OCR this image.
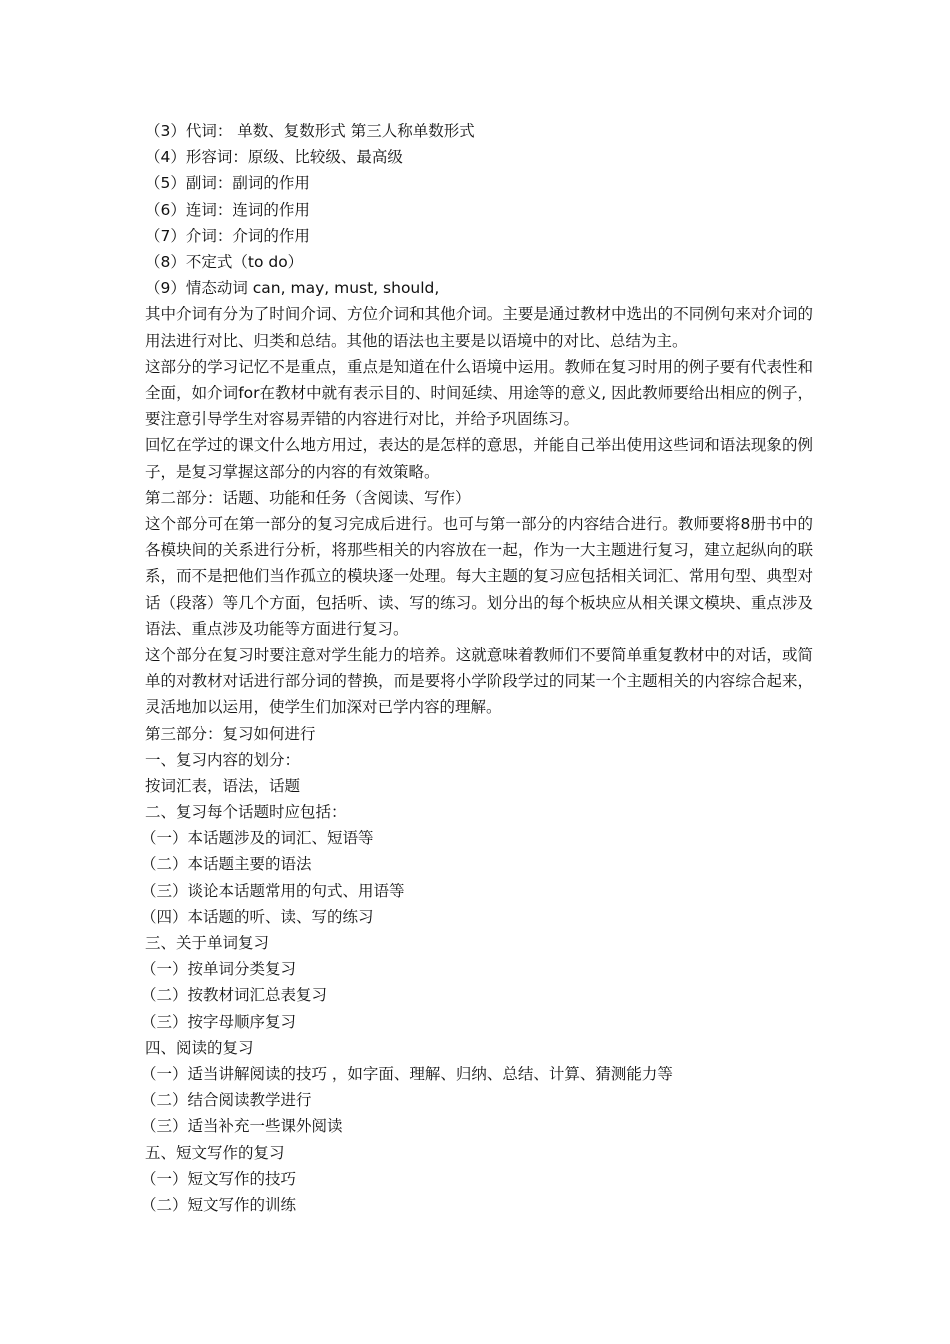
（3）代词： 单数、复数形式 第三人称单数形式
（4）形容词：原级、比较级、最高级
（5）副词：副词的作用
（6）连词：连词的作用
（7）介词：介词的作用
（8）不定式（to do）
（9）情态动词 can, may, must, should,
其中介词有分为了时间介词、方位介词和其他介词。主要是通过教材中选出的不同例句来对介词的用法进行对比、归类和总结。其他的语法也主要是以语境中的对比、总结为主。
这部分的学习记忆不是重点，重点是知道在什么语境中运用。教师在复习时用的例子要有代表性和全面，如介词for在教材中就有表示目的、时间延续、用途等的意义, 因此教师要给出相应的例子，要注意引导学生对容易弄错的内容进行对比，并给予巩固练习。
回忆在学过的课文什么地方用过，表达的是怎样的意思，并能自己举出使用这些词和语法现象的例子，是复习掌握这部分的内容的有效策略。
第二部分：话题、功能和任务（含阅读、写作）
这个部分可在第一部分的复习完成后进行。也可与第一部分的内容结合进行。教师要将8册书中的各模块间的关系进行分析，将那些相关的内容放在一起，作为一大主题进行复习，建立起纵向的联系，而不是把他们当作孤立的模块逐一处理。每大主题的复习应包括相关词汇、常用句型、典型对话（段落）等几个方面，包括听、读、写的练习。划分出的每个板块应从相关课文模块、重点涉及语法、重点涉及功能等方面进行复习。
这个部分在复习时要注意对学生能力的培养。这就意味着教师们不要简单重复教材中的对话，或简单的对教材对话进行部分词的替换，而是要将小学阶段学过的同某一个主题相关的内容综合起来，灵活地加以运用，使学生们加深对已学内容的理解。
第三部分：复习如何进行
一、复习内容的划分：
按词汇表，语法，话题
二、复习每个话题时应包括：
（一）本话题涉及的词汇、短语等
（二）本话题主要的语法
（三）谈论本话题常用的句式、用语等
（四）本话题的听、读、写的练习
三、关于单词复习
（一）按单词分类复习
（二）按教材词汇总表复习
（三）按字母顺序复习
四、阅读的复习
（一）适当讲解阅读的技巧 ，如字面、理解、归纳、总结、计算、猜测能力等
（二）结合阅读教学进行
（三）适当补充一些课外阅读
五、短文写作的复习
（一）短文写作的技巧
（二）短文写作的训练
